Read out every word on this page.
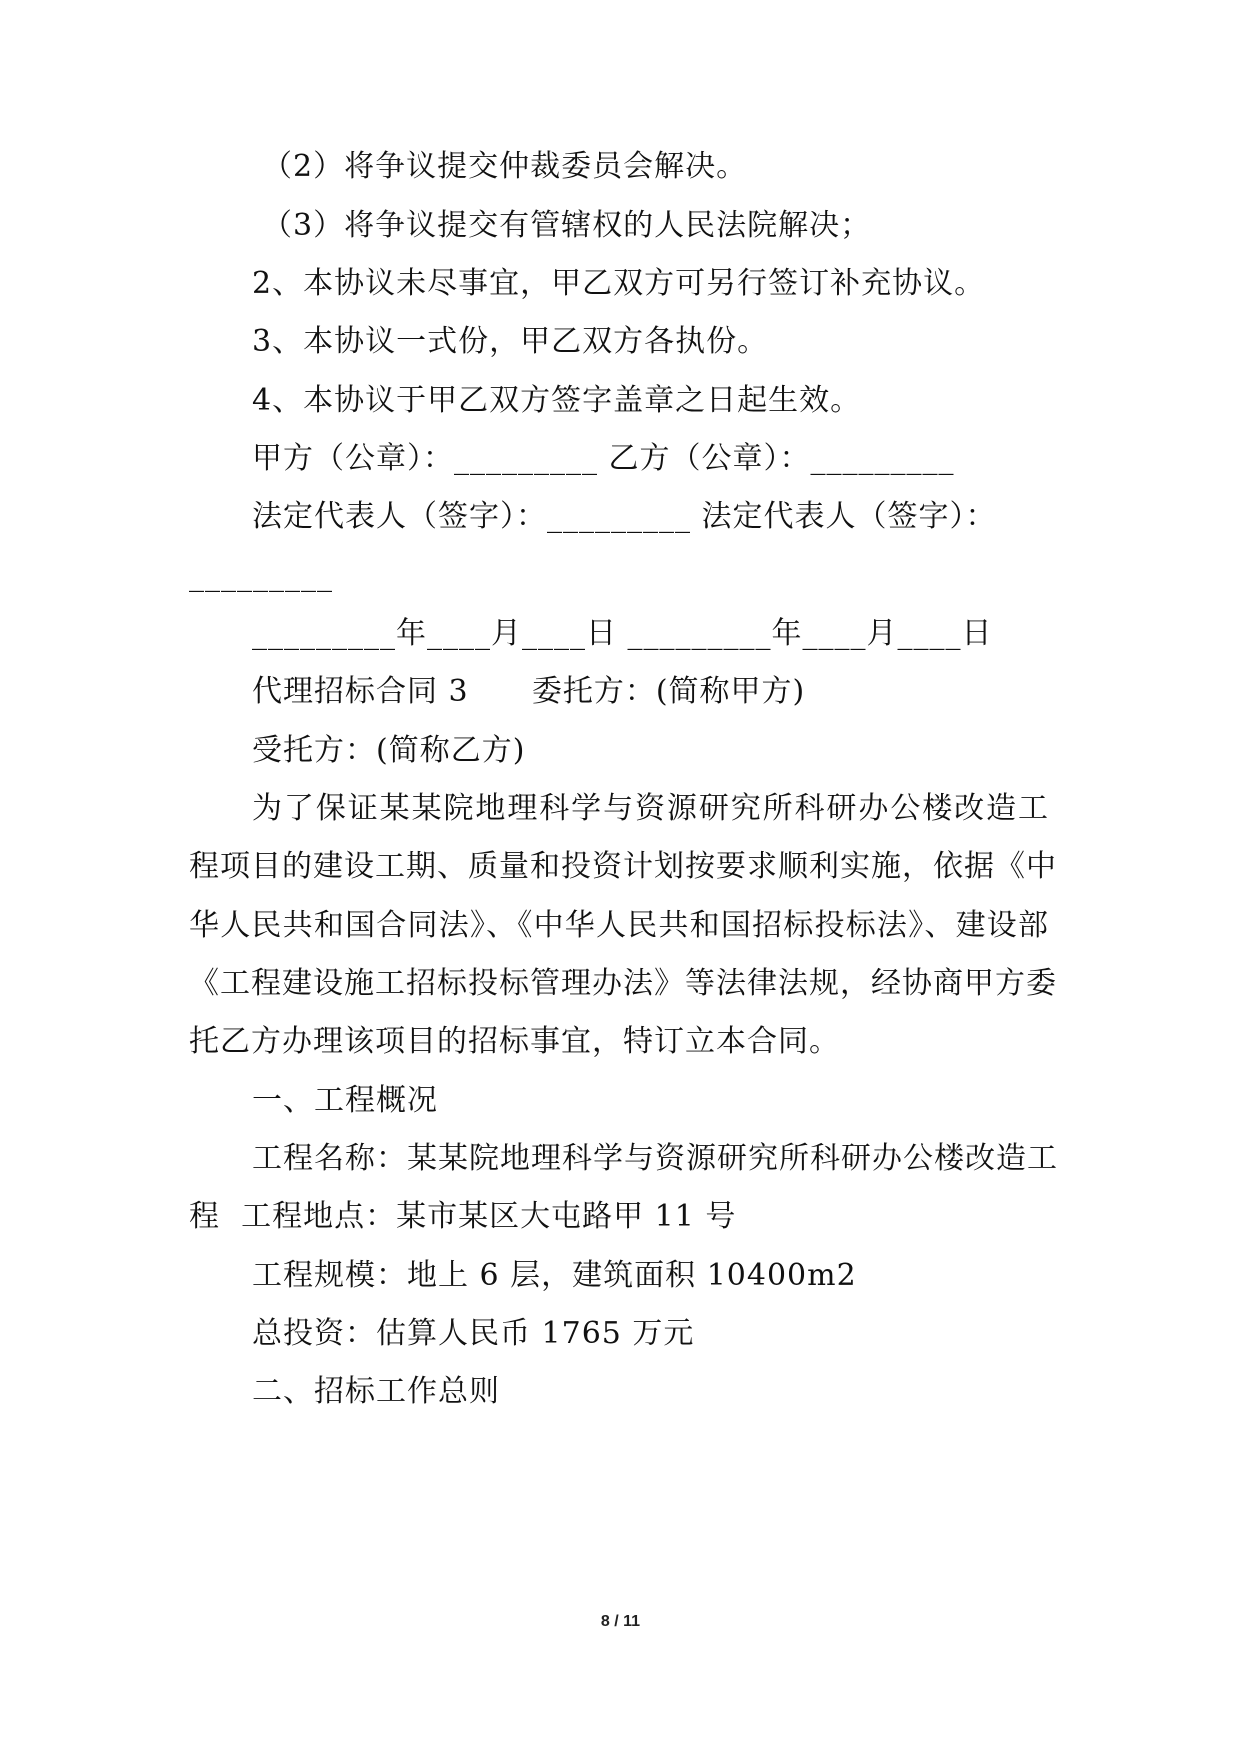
（2）将争议提交仲裁委员会解决。
（3）将争议提交有管辖权的人民法院解决；
2、本协议未尽事宜，甲乙双方可另行签订补充协议。
3、本协议一式份，甲乙双方各执份。
4、本协议于甲乙双方签字盖章之日起生效。
甲方（公章）：_________ 乙方（公章）：_________
法定代表人（签字）：_________ 法定代表人（签字）：
_________
_________年____月____日 _________年____月____日
代理招标合同 3      委托方：(简称甲方)
受托方：(简称乙方)
为了保证某某院地理科学与资源研究所科研办公楼改造工
程项目的建设工期、质量和投资计划按要求顺利实施，依据《中
华人民共和国合同法》、《中华人民共和国招标投标法》、建设部
《工程建设施工招标投标管理办法》等法律法规，经协商甲方委
托乙方办理该项目的招标事宜，特订立本合同。
一、工程概况
工程名称：某某院地理科学与资源研究所科研办公楼改造工
程  工程地点：某市某区大屯路甲 11 号
工程规模：地上 6 层，建筑面积 10400m2
总投资：估算人民币 1765 万元
二、招标工作总则
8 / 11
